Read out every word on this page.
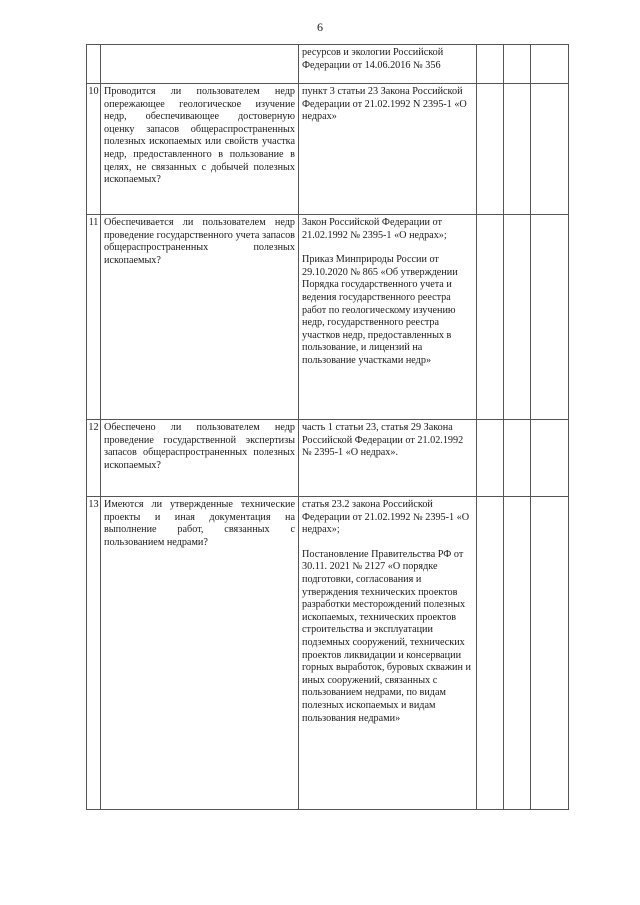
6

		ресурсов и экологии Российской Федерации от 14.06.2016 № 356			

10	Проводится ли пользователем недр опережающее геологическое изучение недр, обеспечивающее достоверную оценку запасов общераспространенных полезных ископаемых или свойств участка недр, предоставленного в пользование в целях, не связанных с добычей полезных ископаемых?	пункт 3 статьи 23 Закона Российской Федерации от 21.02.1992 N 2395-1 «О недрах»			

11	Обеспечивается ли пользователем недр проведение государственного учета запасов общераспространенных полезных ископаемых?	Закон Российской Федерации от 21.02.1992 № 2395-1 «О недрах»;

Приказ Минприроды России от 29.10.2020 № 865 «Об утверждении Порядка государственного учета и ведения государственного реестра работ по геологическому изучению недр, государственного реестра участков недр, предоставленных в пользование, и лицензий на пользование участками недр»			

12	Обеспечено ли пользователем недр проведение государственной экспертизы запасов общераспространенных полезных ископаемых?	часть 1 статьи 23, статья 29 Закона Российской Федерации от 21.02.1992 № 2395-1 «О недрах».			

13	Имеются ли утвержденные технические проекты и иная документация на выполнение работ, связанных с пользованием недрами?	статья 23.2 закона Российской Федерации от 21.02.1992 № 2395-1 «О недрах»;

Постановление Правительства РФ от 30.11. 2021 № 2127 «О порядке подготовки, согласования и утверждения технических проектов разработки месторождений полезных ископаемых, технических проектов строительства и эксплуатации подземных сооружений, технических проектов ликвидации и консервации горных выработок, буровых скважин и иных сооружений, связанных с пользованием недрами, по видам полезных ископаемых и видам пользования недрами»			
